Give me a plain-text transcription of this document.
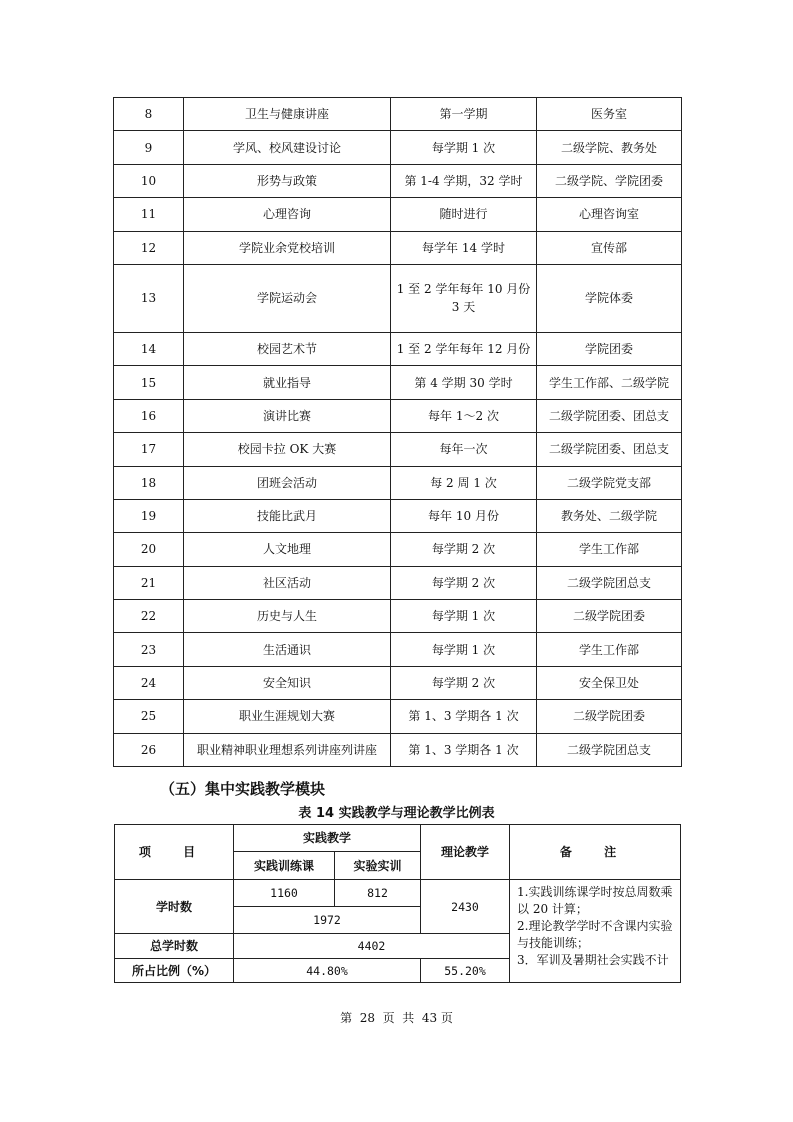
8	卫生与健康讲座	第一学期	医务室
9	学风、校风建设讨论	每学期 1 次	二级学院、教务处
10	形势与政策	第 1-4 学期，32 学时	二级学院、学院团委
11	心理咨询	随时进行	心理咨询室
12	学院业余党校培训	每学年 14 学时	宣传部
13	学院运动会	1 至 2 学年每年 10 月份 3 天	学院体委
14	校园艺术节	1 至 2 学年每年 12 月份	学院团委
15	就业指导	第 4 学期 30 学时	学生工作部、二级学院
16	演讲比赛	每年 1～2 次	二级学院团委、团总支
17	校园卡拉 OK 大赛	每年一次	二级学院团委、团总支
18	团班会活动	每 2 周 1 次	二级学院党支部
19	技能比武月	每年 10 月份	教务处、二级学院
20	人文地理	每学期 2 次	学生工作部
21	社区活动	每学期 2 次	二级学院团总支
22	历史与人生	每学期 1 次	二级学院团委
23	生活通识	每学期 1 次	学生工作部
24	安全知识	每学期 2 次	安全保卫处
25	职业生涯规划大赛	第 1、3 学期各 1 次	二级学院团委
26	职业精神职业理想系列讲座列讲座	第 1、3 学期各 1 次	二级学院团总支
（五）集中实践教学模块
表 14 实践教学与理论教学比例表
项 目	实践教学		理论教学	备 注
	实践训练课	实验实训		
学时数	1160	812	2430	1.实践训练课学时按总周数乘以 20 计算；
2.理论教学学时不含课内实验与技能训练；
3．军训及暑期社会实践不计

	1972			
总学时数	4402			
所占比例（%）	44.80%		55.20%	
第  28  页  共  43 页
